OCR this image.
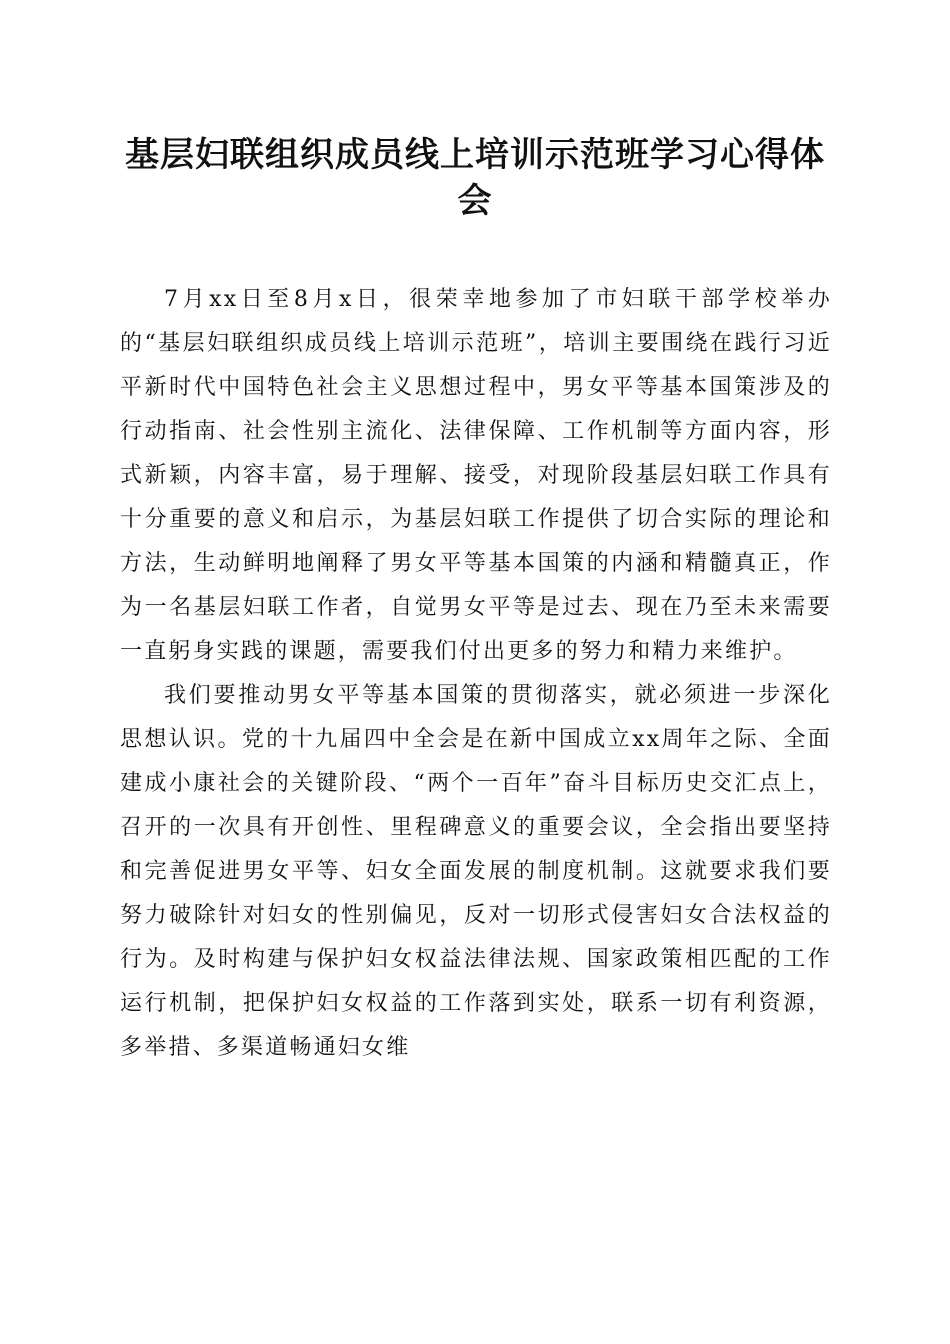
基层妇联组织成员线上培训示范班学习心得体会

7月xx日至8月x日，很荣幸地参加了市妇联干部学校举办的“基层妇联组织成员线上培训示范班”，培训主要围绕在践行习近平新时代中国特色社会主义思想过程中，男女平等基本国策涉及的行动指南、社会性别主流化、法律保障、工作机制等方面内容，形式新颖，内容丰富，易于理解、接受，对现阶段基层妇联工作具有十分重要的意义和启示，为基层妇联工作提供了切合实际的理论和方法，生动鲜明地阐释了男女平等基本国策的内涵和精髓真正，作为一名基层妇联工作者，自觉男女平等是过去、现在乃至未来需要一直躬身实践的课题，需要我们付出更多的努力和精力来维护。

我们要推动男女平等基本国策的贯彻落实，就必须进一步深化思想认识。党的十九届四中全会是在新中国成立xx周年之际、全面建成小康社会的关键阶段、“两个一百年”奋斗目标历史交汇点上，召开的一次具有开创性、里程碑意义的重要会议，全会指出要坚持和完善促进男女平等、妇女全面发展的制度机制。这就要求我们要努力破除针对妇女的性别偏见，反对一切形式侵害妇女合法权益的行为。及时构建与保护妇女权益法律法规、国家政策相匹配的工作运行机制，把保护妇女权益的工作落到实处，联系一切有利资源，多举措、多渠道畅通妇女维
